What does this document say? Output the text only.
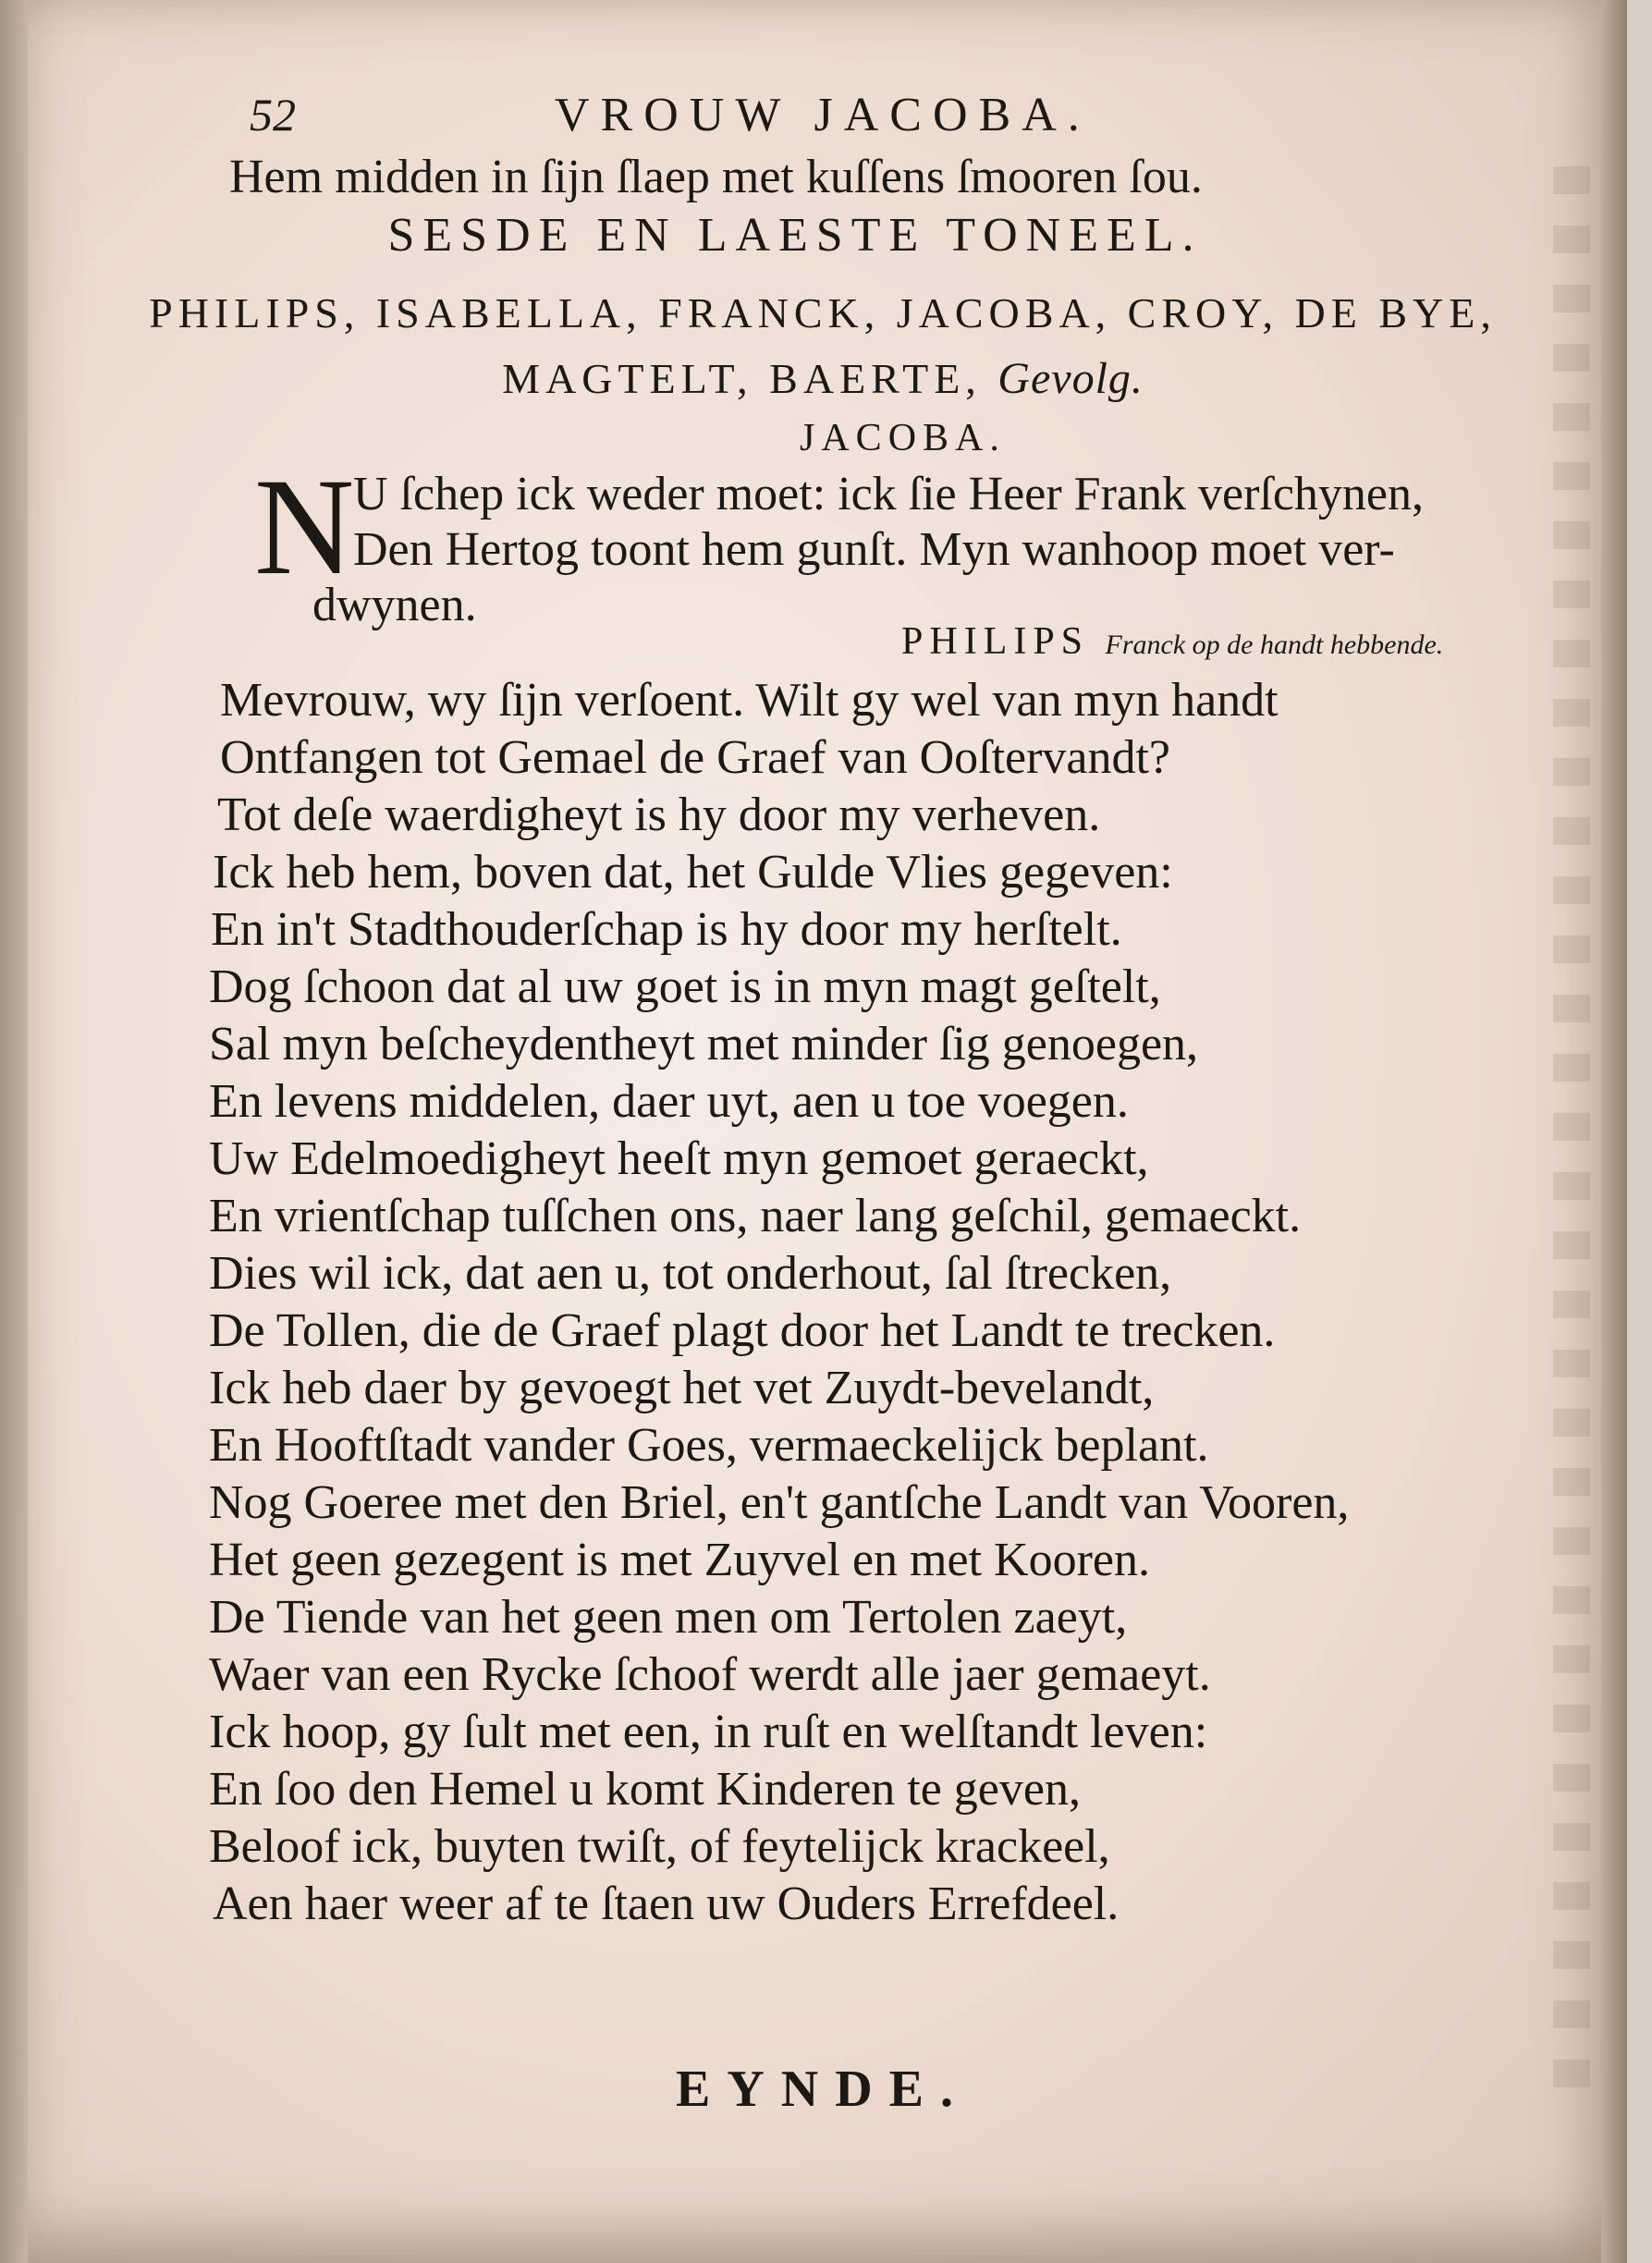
52	VROUW JACOBA.
Hem midden in ſijn ſlaep met kuſſens ſmooren ſou.
SESDE EN LAESTE TONEEL.
PHILIPS, ISABELLA, FRANCK, JACOBA, CROY, DE BYE,
MAGTELT, BAERTE, Gevolg.
JACOBA.
N
U ſchep ick weder moet: ick ſie Heer Frank verſchynen,
Den Hertog toont hem gunſt. Myn wanhoop moet ver-
dwynen.
PHILIPS Franck op de handt hebbende.
Mevrouw, wy ſijn verſoent. Wilt gy wel van myn handt
Ontfangen tot Gemael de Graef van Ooſtervandt?
Tot deſe waerdigheyt is hy door my verheven.
Ick heb hem, boven dat, het Gulde Vlies gegeven:
En in't Stadthouderſchap is hy door my herſtelt.
Dog ſchoon dat al uw goet is in myn magt geſtelt,
Sal myn beſcheydentheyt met minder ſig genoegen,
En levens middelen, daer uyt, aen u toe voegen.
Uw Edelmoedigheyt heeſt myn gemoet geraeckt,
En vrientſchap tuſſchen ons, naer lang geſchil, gemaeckt.
Dies wil ick, dat aen u, tot onderhout, ſal ſtrecken,
De Tollen, die de Graef plagt door het Landt te trecken.
Ick heb daer by gevoegt het vet Zuydt-bevelandt,
En Hooftſtadt vander Goes, vermaeckelijck beplant.
Nog Goeree met den Briel, en't gantſche Landt van Vooren,
Het geen gezegent is met Zuyvel en met Kooren.
De Tiende van het geen men om Tertolen zaeyt,
Waer van een Rycke ſchoof werdt alle jaer gemaeyt.
Ick hoop, gy ſult met een, in ruſt en welſtandt leven:
En ſoo den Hemel u komt Kinderen te geven,
Beloof ick, buyten twiſt, of feytelijck krackeel,
Aen haer weer af te ſtaen uw Ouders Errefdeel.
EYNDE.
